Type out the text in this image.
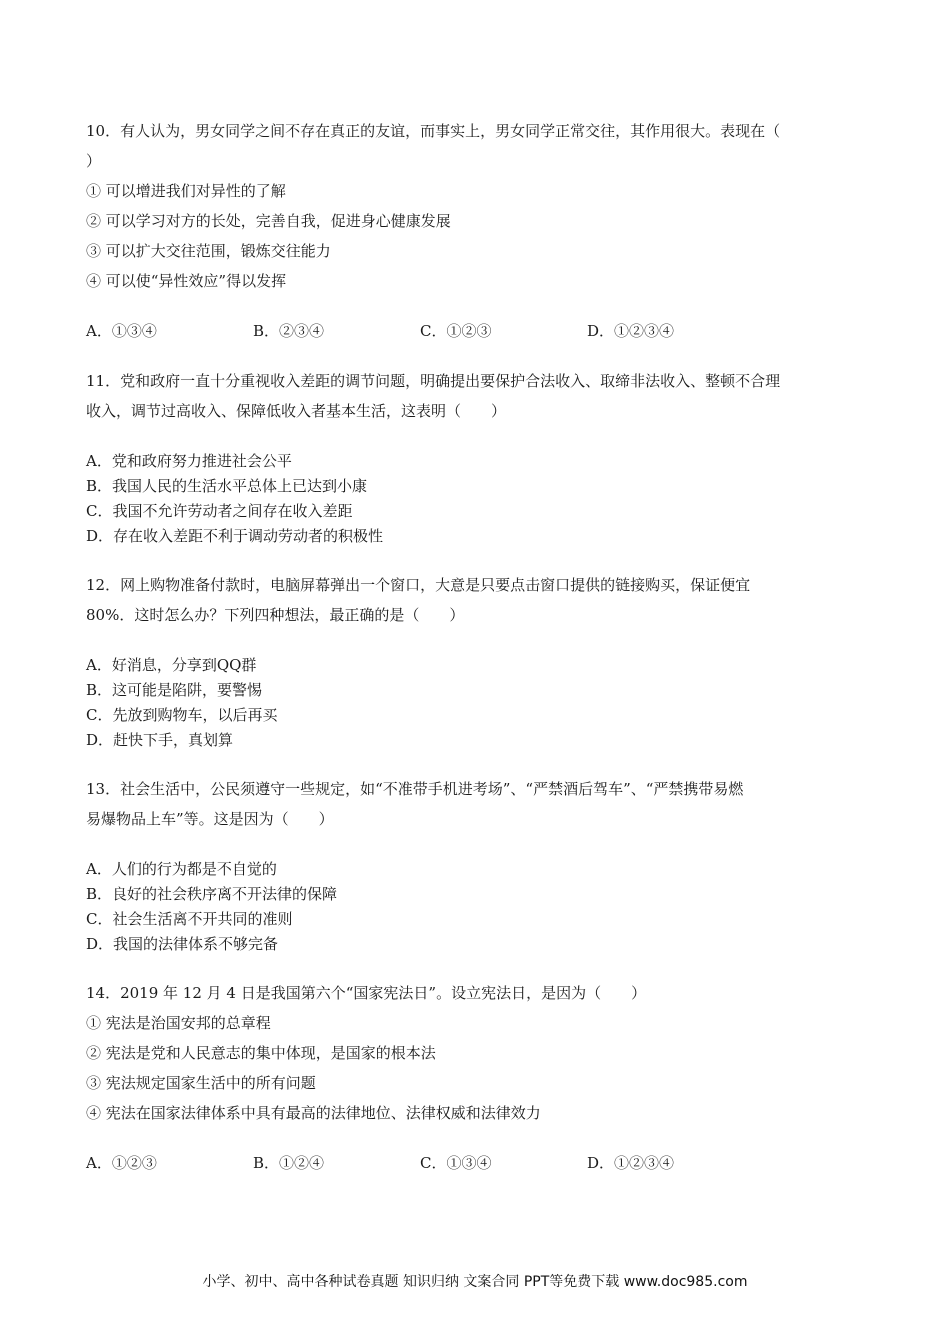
10．有人认为，男女同学之间不存在真正的友谊，而事实上，男女同学正常交往，其作用很大。表现在（
）
① 可以增进我们对异性的了解
② 可以学习对方的长处，完善自我，促进身心健康发展
③ 可以扩大交往范围，锻炼交往能力
④ 可以使“异性效应”得以发挥
A．①③④	B．②③④	C．①②③	D．①②③④
11．党和政府一直十分重视收入差距的调节问题，明确提出要保护合法收入、取缔非法收入、整顿不合理
收入，调节过高收入、保障低收入者基本生活，这表明（　　）
A．党和政府努力推进社会公平
B．我国人民的生活水平总体上已达到小康
C．我国不允许劳动者之间存在收入差距
D．存在收入差距不利于调动劳动者的积极性
12．网上购物准备付款时，电脑屏幕弹出一个窗口，大意是只要点击窗口提供的链接购买，保证便宜
80%．这时怎么办？下列四种想法，最正确的是（　　）
A．好消息，分享到QQ群
B．这可能是陷阱，要警惕
C．先放到购物车，以后再买
D．赶快下手，真划算
13．社会生活中，公民须遵守一些规定，如“不准带手机进考场”、“严禁酒后驾车”、“严禁携带易燃
易爆物品上车”等。这是因为（　　）
A．人们的行为都是不自觉的
B．良好的社会秩序离不开法律的保障
C．社会生活离不开共同的准则
D．我国的法律体系不够完备
14．2019 年 12 月 4 日是我国第六个“国家宪法日”。设立宪法日，是因为（　　）
① 宪法是治国安邦的总章程
② 宪法是党和人民意志的集中体现，是国家的根本法
③ 宪法规定国家生活中的所有问题
④ 宪法在国家法律体系中具有最高的法律地位、法律权威和法律效力
A．①②③	B．①②④	C．①③④	D．①②③④
小学、初中、高中各种试卷真题 知识归纳 文案合同 PPT等免费下载 www.doc985.com
